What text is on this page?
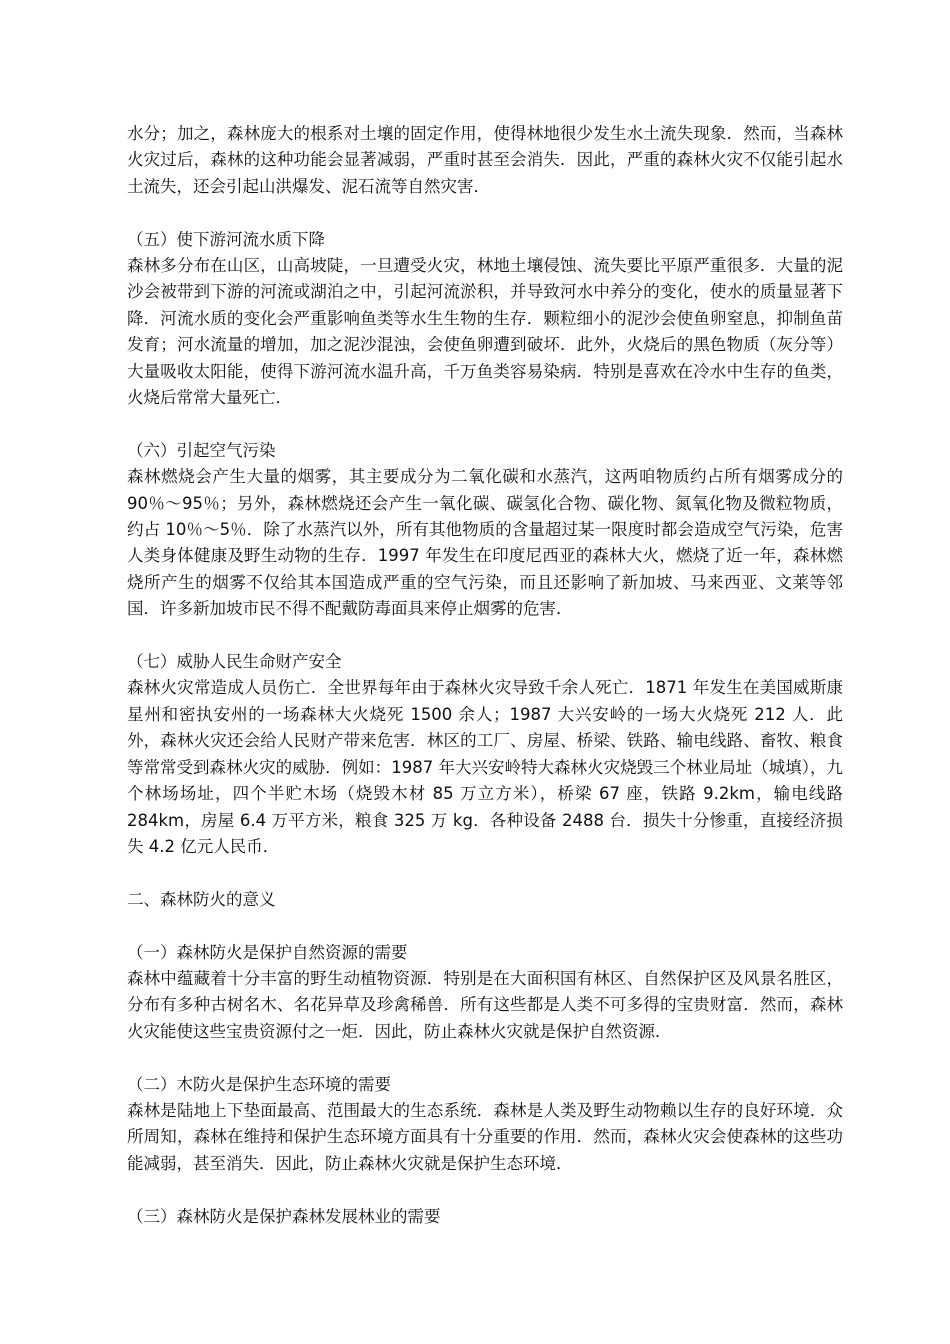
水分；加之，森林庞大的根系对土壤的固定作用，使得林地很少发生水土流失现象．然而，当森林火灾过后，森林的这种功能会显著减弱，严重时甚至会消失．因此，严重的森林火灾不仅能引起水土流失，还会引起山洪爆发、泥石流等自然灾害．

（五）使下游河流水质下降

森林多分布在山区，山高坡陡，一旦遭受火灾，林地土壤侵蚀、流失要比平原严重很多．大量的泥沙会被带到下游的河流或湖泊之中，引起河流淤积，并导致河水中养分的变化，使水的质量显著下降．河流水质的变化会严重影响鱼类等水生生物的生存．颗粒细小的泥沙会使鱼卵窒息，抑制鱼苗发育；河水流量的增加，加之泥沙混浊，会使鱼卵遭到破坏．此外，火烧后的黑色物质（灰分等）大量吸收太阳能，使得下游河流水温升高，千万鱼类容易染病．特别是喜欢在冷水中生存的鱼类，火烧后常常大量死亡．

（六）引起空气污染

森林燃烧会产生大量的烟雾，其主要成分为二氧化碳和水蒸汽，这两咱物质约占所有烟雾成分的 90％～95％；另外，森林燃烧还会产生一氧化碳、碳氢化合物、碳化物、氮氧化物及微粒物质，约占 10％～5％．除了水蒸汽以外，所有其他物质的含量超过某一限度时都会造成空气污染，危害人类身体健康及野生动物的生存．1997 年发生在印度尼西亚的森林大火，燃烧了近一年，森林燃烧所产生的烟雾不仅给其本国造成严重的空气污染，而且还影响了新加坡、马来西亚、文莱等邻国．许多新加坡市民不得不配戴防毒面具来停止烟雾的危害．

（七）威胁人民生命财产安全

森林火灾常造成人员伤亡．全世界每年由于森林火灾导致千余人死亡．1871 年发生在美国威斯康星州和密执安州的一场森林大火烧死 1500 余人；1987 大兴安岭的一场大火烧死 212 人．此外，森林火灾还会给人民财产带来危害．林区的工厂、房屋、桥梁、铁路、输电线路、畜牧、粮食等常常受到森林火灾的威胁．例如：1987 年大兴安岭特大森林火灾烧毁三个林业局址（城填），九个林场场址，四个半贮木场（烧毁木材 85 万立方米），桥梁 67 座，铁路 9.2km，输电线路 284km，房屋 6.4 万平方米，粮食 325 万 kg．各种设备 2488 台．损失十分惨重，直接经济损失 4.2 亿元人民币．

二、森林防火的意义

（一）森林防火是保护自然资源的需要

森林中蕴藏着十分丰富的野生动植物资源．特别是在大面积国有林区、自然保护区及风景名胜区，分布有多种古树名木、名花异草及珍禽稀兽．所有这些都是人类不可多得的宝贵财富．然而，森林火灾能使这些宝贵资源付之一炬．因此，防止森林火灾就是保护自然资源．

（二）木防火是保护生态环境的需要

森林是陆地上下垫面最高、范围最大的生态系统．森林是人类及野生动物赖以生存的良好环境．众所周知，森林在维持和保护生态环境方面具有十分重要的作用．然而，森林火灾会使森林的这些功能减弱，甚至消失．因此，防止森林火灾就是保护生态环境．

（三）森林防火是保护森林发展林业的需要
